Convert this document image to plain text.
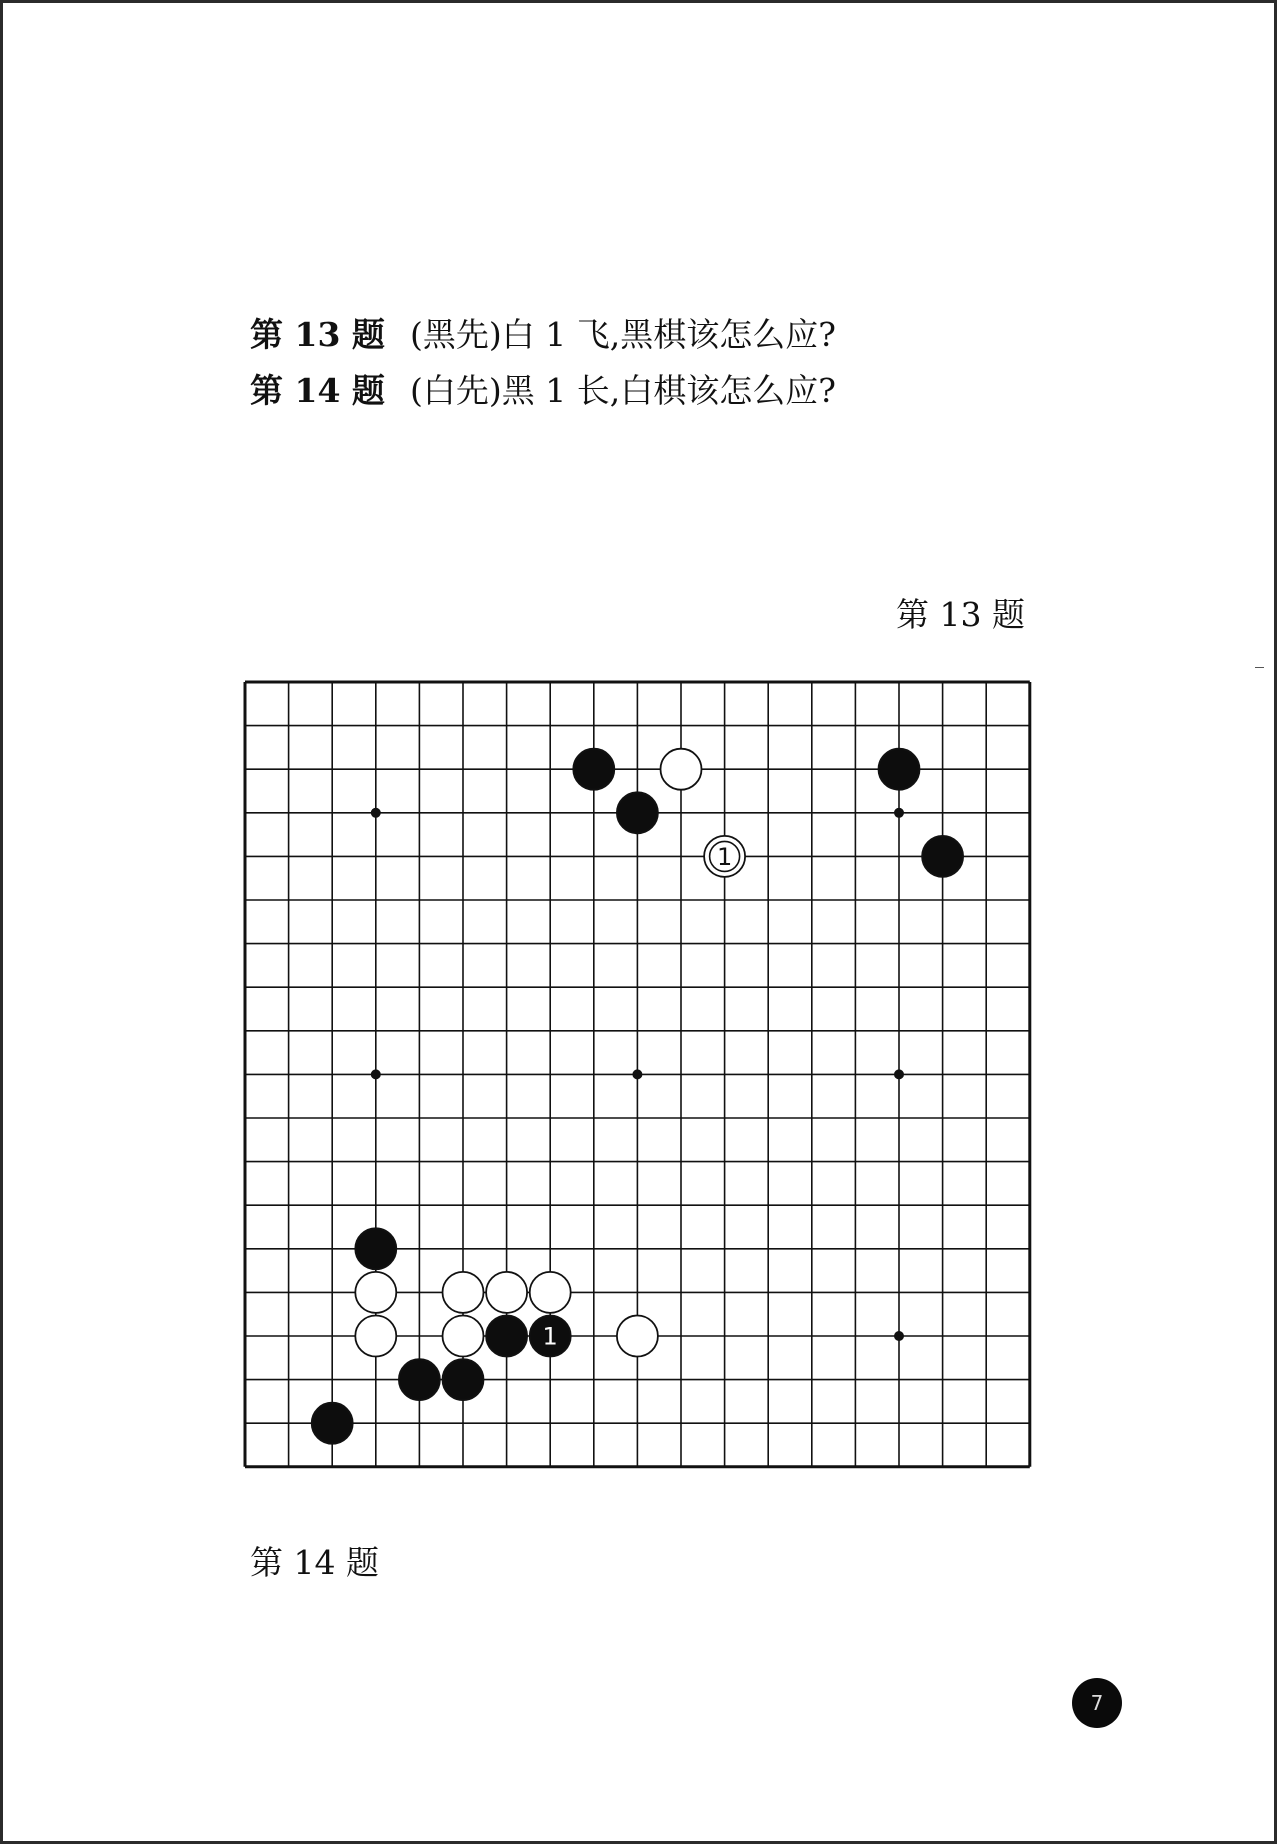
第 13 题 (黑先)白 1 飞,黑棋该怎么应?
第 14 题 (白先)黑 1 长,白棋该怎么应?
第 13 题
1
1
第 14 题
7
